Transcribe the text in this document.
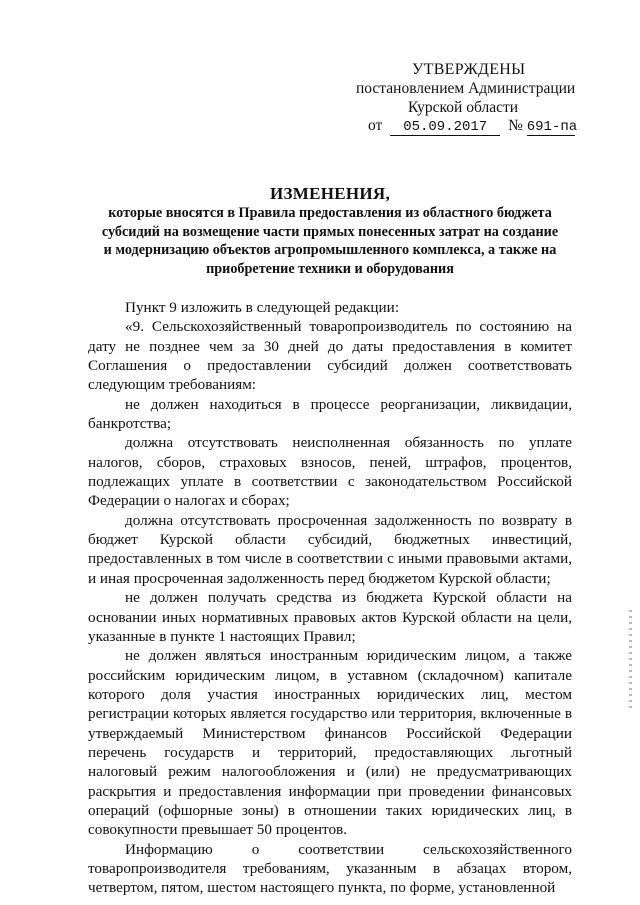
УТВЕРЖДЕНЫ
постановлением Администрации
Курской области
от 05.09.2017 № 691-па
ИЗМЕНЕНИЯ,
которые вносятся в Правила предоставления из областного бюджета
субсидий на возмещение части прямых понесенных затрат на создание
и модернизацию объектов агропромышленного комплекса, а также на
приобретение техники и оборудования

Пункт 9 изложить в следующей редакции:

«9. Сельскохозяйственный товаропроизводитель по состоянию на дату не позднее чем за 30 дней до даты предоставления в комитет Соглашения о предоставлении субсидий должен соответствовать следующим требованиям:

не должен находиться в процессе реорганизации, ликвидации, банкротства;

должна отсутствовать неисполненная обязанность по уплате налогов, сборов, страховых взносов, пеней, штрафов, процентов, подлежащих уплате в соответствии с законодательством Российской Федерации о налогах и сборах;

должна отсутствовать просроченная задолженность по возврату в бюджет Курской области субсидий, бюджетных инвестиций, предоставленных в том числе в соответствии с иными правовыми актами, и иная просроченная задолженность перед бюджетом Курской области;

не должен получать средства из бюджета Курской области на основании иных нормативных правовых актов Курской области на цели, указанные в пункте 1 настоящих Правил;

не должен являться иностранным юридическим лицом, а также российским юридическим лицом, в уставном (складочном) капитале которого доля участия иностранных юридических лиц, местом регистрации которых является государство или территория, включенные в утверждаемый Министерством финансов Российской Федерации перечень государств и территорий, предоставляющих льготный налоговый режим налогообложения и (или) не предусматривающих раскрытия и предоставления информации при проведении финансовых операций (офшорные зоны) в отношении таких юридических лиц, в совокупности превышает 50 процентов.

Информацию о соответствии сельскохозяйственного товаропроизводителя требованиям, указанным в абзацах втором, четвертом, пятом, шестом настоящего пункта, по форме, установленной
